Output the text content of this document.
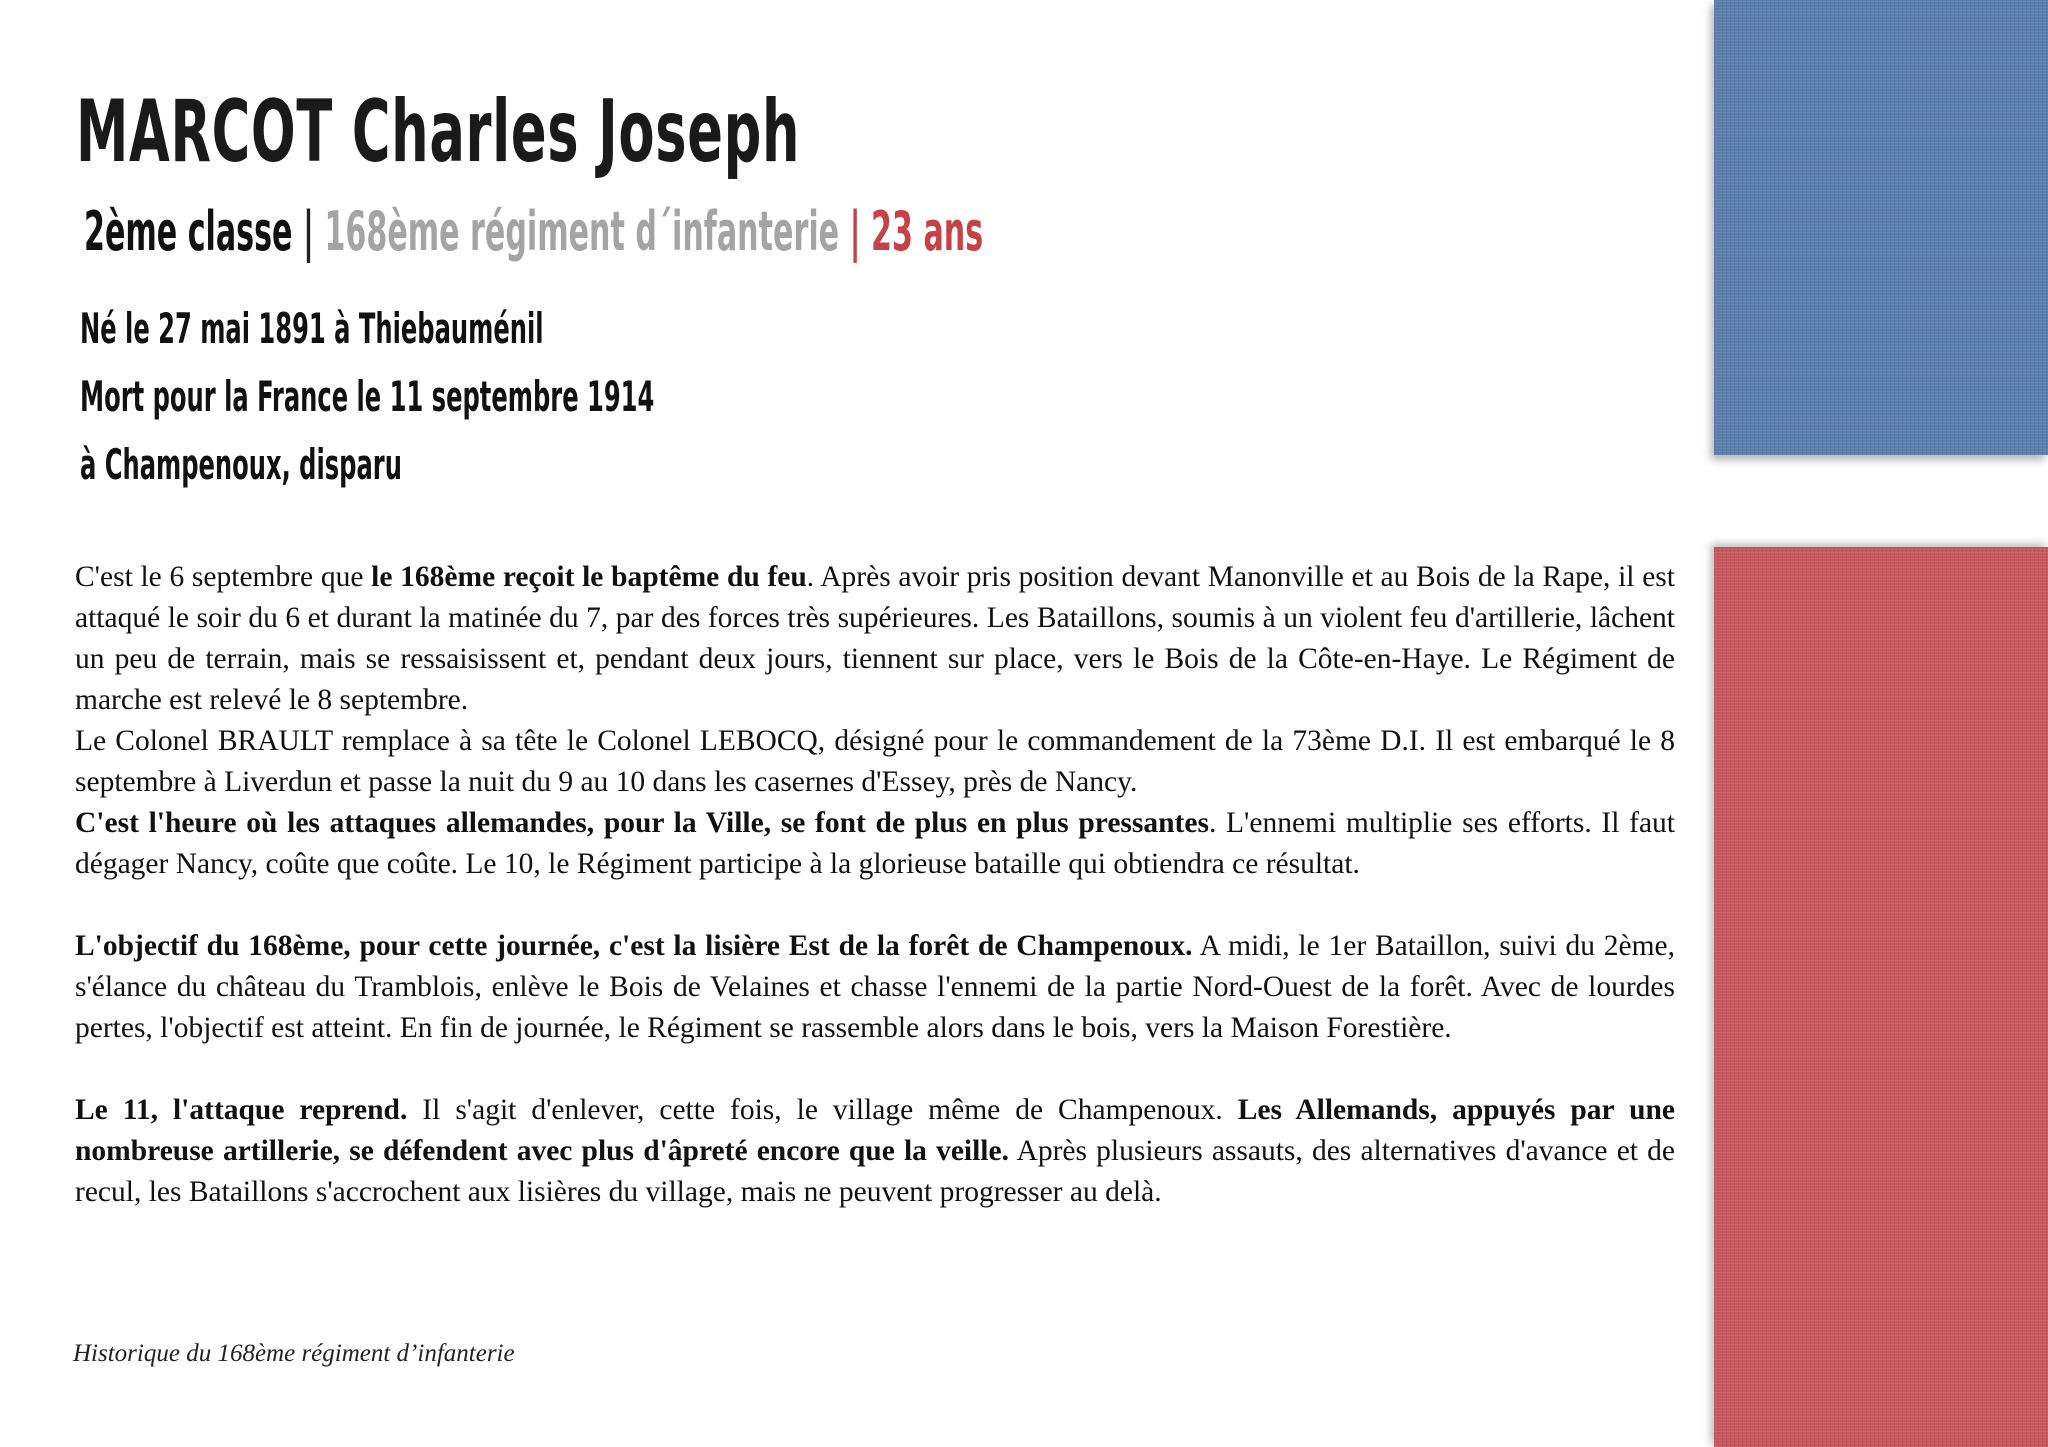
MARCOT Charles Joseph
2ème classe | 168ème régiment d´infanterie | 23 ans
Né le 27 mai 1891 à Thiebauménil
Mort pour la France le 11 septembre 1914
à Champenoux, disparu

C'est le 6 septembre que le 168ème reçoit le baptême du feu. Après avoir pris position devant Manonville et au Bois de la Rape, il est attaqué le soir du 6 et durant la matinée du 7, par des forces très supérieures. Les Bataillons, soumis à un violent feu d'artillerie, lâchent un peu de terrain, mais se ressaisissent et, pendant deux jours, tiennent sur place, vers le Bois de la Côte-en-Haye. Le Régiment de marche est relevé le 8 septembre.

Le Colonel BRAULT remplace à sa tête le Colonel LEBOCQ, désigné pour le commandement de la 73ème D.I. Il est embarqué le 8 septembre à Liverdun et passe la nuit du 9 au 10 dans les casernes d'Essey, près de Nancy.

C'est l'heure où les attaques allemandes, pour la Ville, se font de plus en plus pressantes. L'ennemi multiplie ses efforts. Il faut dégager Nancy, coûte que coûte. Le 10, le Régiment participe à la glorieuse bataille qui obtiendra ce résultat.

L'objectif du 168ème, pour cette journée, c'est la lisière Est de la forêt de Champenoux. A midi, le 1er Bataillon, suivi du 2ème, s'élance du château du Tramblois, enlève le Bois de Velaines et chasse l'ennemi de la partie Nord-Ouest de la forêt. Avec de lourdes pertes, l'objectif est atteint. En fin de journée, le Régiment se rassemble alors dans le bois, vers la Maison Forestière.

Le 11, l'attaque reprend. Il s'agit d'enlever, cette fois, le village même de Champenoux. Les Allemands, appuyés par une nombreuse artillerie, se défendent avec plus d'âpreté encore que la veille. Après plusieurs assauts, des alternatives d'avance et de recul, les Bataillons s'accrochent aux lisières du village, mais ne peuvent progresser au delà.

Historique du 168ème régiment d’infanterie
